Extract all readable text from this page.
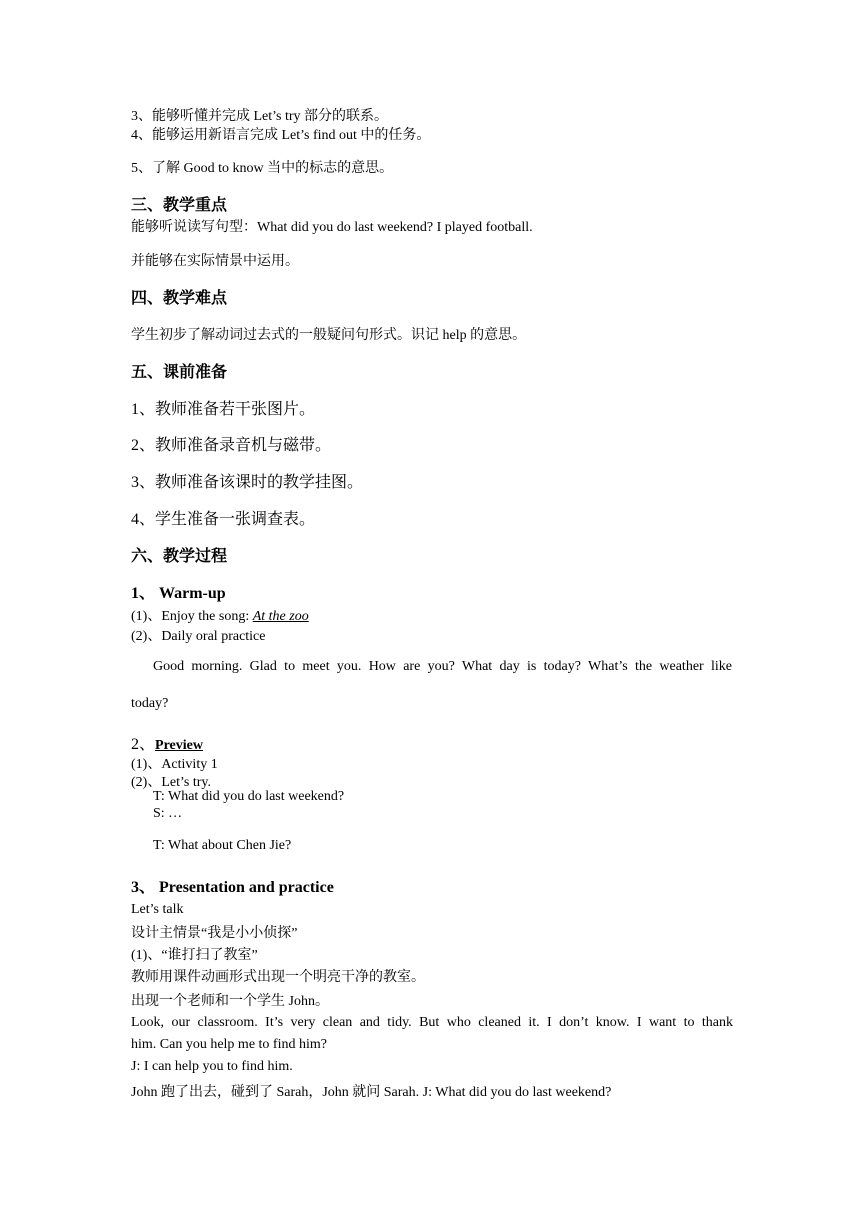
3、能够听懂并完成 Let’s try 部分的联系。
4、能够运用新语言完成 Let’s find out 中的任务。
5、了解 Good to know 当中的标志的意思。
三、教学重点
能够听说读写句型：What did you do last weekend? I played football.
并能够在实际情景中运用。
四、教学难点
学生初步了解动词过去式的一般疑问句形式。识记 help 的意思。
五、课前准备
1、教师准备若干张图片。
2、教师准备录音机与磁带。
3、教师准备该课时的教学挂图。
4、学生准备一张调查表。
六、教学过程
1、 Warm-up
(1)、Enjoy the song: At the zoo
(2)、Daily oral practice
Good morning. Glad to meet you. How are you? What day is today? What’s the weather like
today?
2、Preview
(1)、Activity 1
(2)、Let’s try.
T: What did you do last weekend?
S: …
T: What about Chen Jie?
3、 Presentation and practice
Let’s talk
设计主情景“我是小小侦探”
(1)、“谁打扫了教室”
教师用课件动画形式出现一个明亮干净的教室。
出现一个老师和一个学生 John。
Look, our classroom. It’s very clean and tidy. But who cleaned it. I don’t know. I want to thank
him. Can you help me to find him?
J: I can help you to find him.
John 跑了出去，碰到了 Sarah，John 就问 Sarah. J: What did you do last weekend?
